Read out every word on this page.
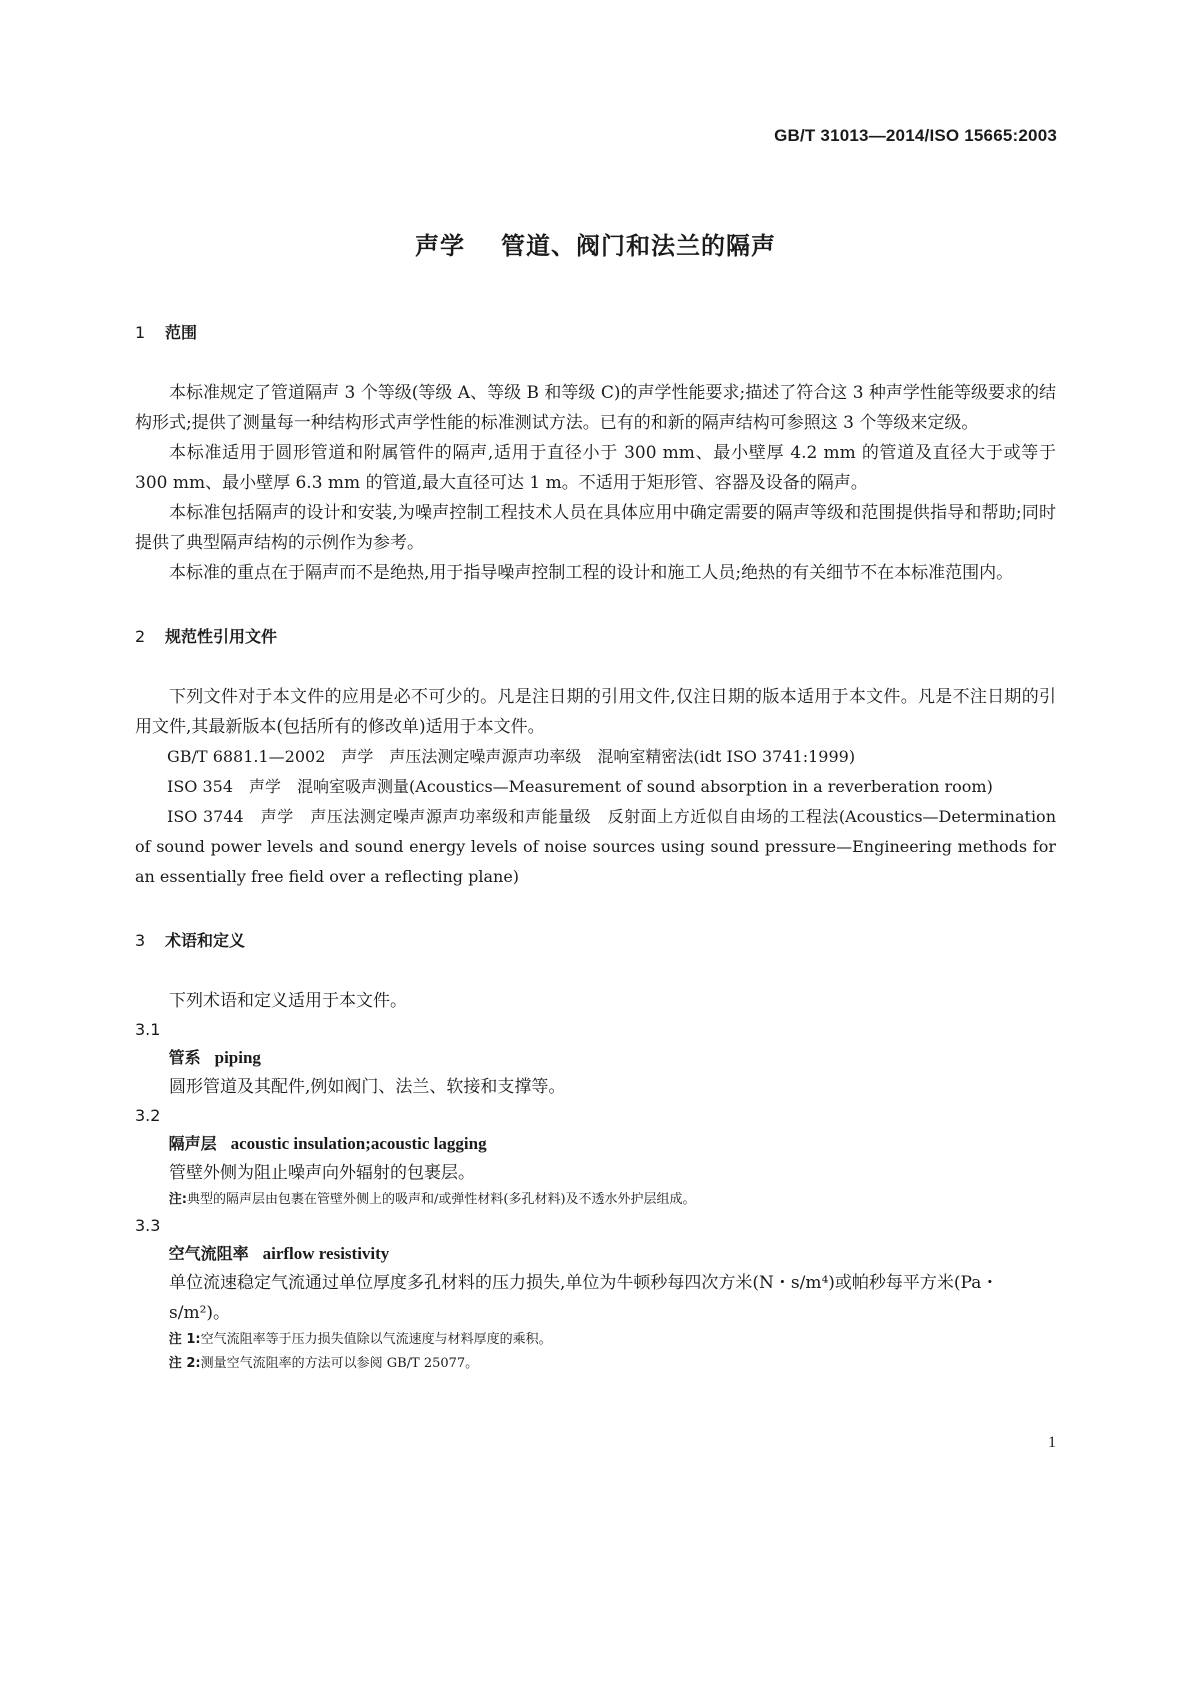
GB/T 31013—2014/ISO 15665:2003
声学 管道、阀门和法兰的隔声
1 范围

本标准规定了管道隔声 3 个等级(等级 A、等级 B 和等级 C)的声学性能要求;描述了符合这 3 种声学性能等级要求的结构形式;提供了测量每一种结构形式声学性能的标准测试方法。已有的和新的隔声结构可参照这 3 个等级来定级。

本标准适用于圆形管道和附属管件的隔声,适用于直径小于 300 mm、最小壁厚 4.2 mm 的管道及直径大于或等于 300 mm、最小壁厚 6.3 mm 的管道,最大直径可达 1 m。不适用于矩形管、容器及设备的隔声。

本标准包括隔声的设计和安装,为噪声控制工程技术人员在具体应用中确定需要的隔声等级和范围提供指导和帮助;同时提供了典型隔声结构的示例作为参考。

本标准的重点在于隔声而不是绝热,用于指导噪声控制工程的设计和施工人员;绝热的有关细节不在本标准范围内。

2 规范性引用文件

下列文件对于本文件的应用是必不可少的。凡是注日期的引用文件,仅注日期的版本适用于本文件。凡是不注日期的引用文件,其最新版本(包括所有的修改单)适用于本文件。

GB/T 6881.1—2002　声学　声压法测定噪声源声功率级　混响室精密法(idt ISO 3741:1999)

ISO 354　声学　混响室吸声测量(Acoustics—Measurement of sound absorption in a reverberation room)

ISO 3744　声学　声压法测定噪声源声功率级和声能量级　反射面上方近似自由场的工程法(Acoustics—Determination of sound power levels and sound energy levels of noise sources using sound pressure—Engineering methods for an essentially free field over a reflecting plane)

3 术语和定义

下列术语和定义适用于本文件。

3.1
管系 piping
圆形管道及其配件,例如阀门、法兰、软接和支撑等。
3.2
隔声层 acoustic insulation;acoustic lagging
管壁外侧为阻止噪声向外辐射的包裹层。
注:典型的隔声层由包裹在管壁外侧上的吸声和/或弹性材料(多孔材料)及不透水外护层组成。
3.3
空气流阻率 airflow resistivity
单位流速稳定气流通过单位厚度多孔材料的压力损失,单位为牛顿秒每四次方米(N・s/m⁴)或帕秒每平方米(Pa・s/m²)。
注 1:空气流阻率等于压力损失值除以气流速度与材料厚度的乘积。
注 2:测量空气流阻率的方法可以参阅 GB/T 25077。
1
